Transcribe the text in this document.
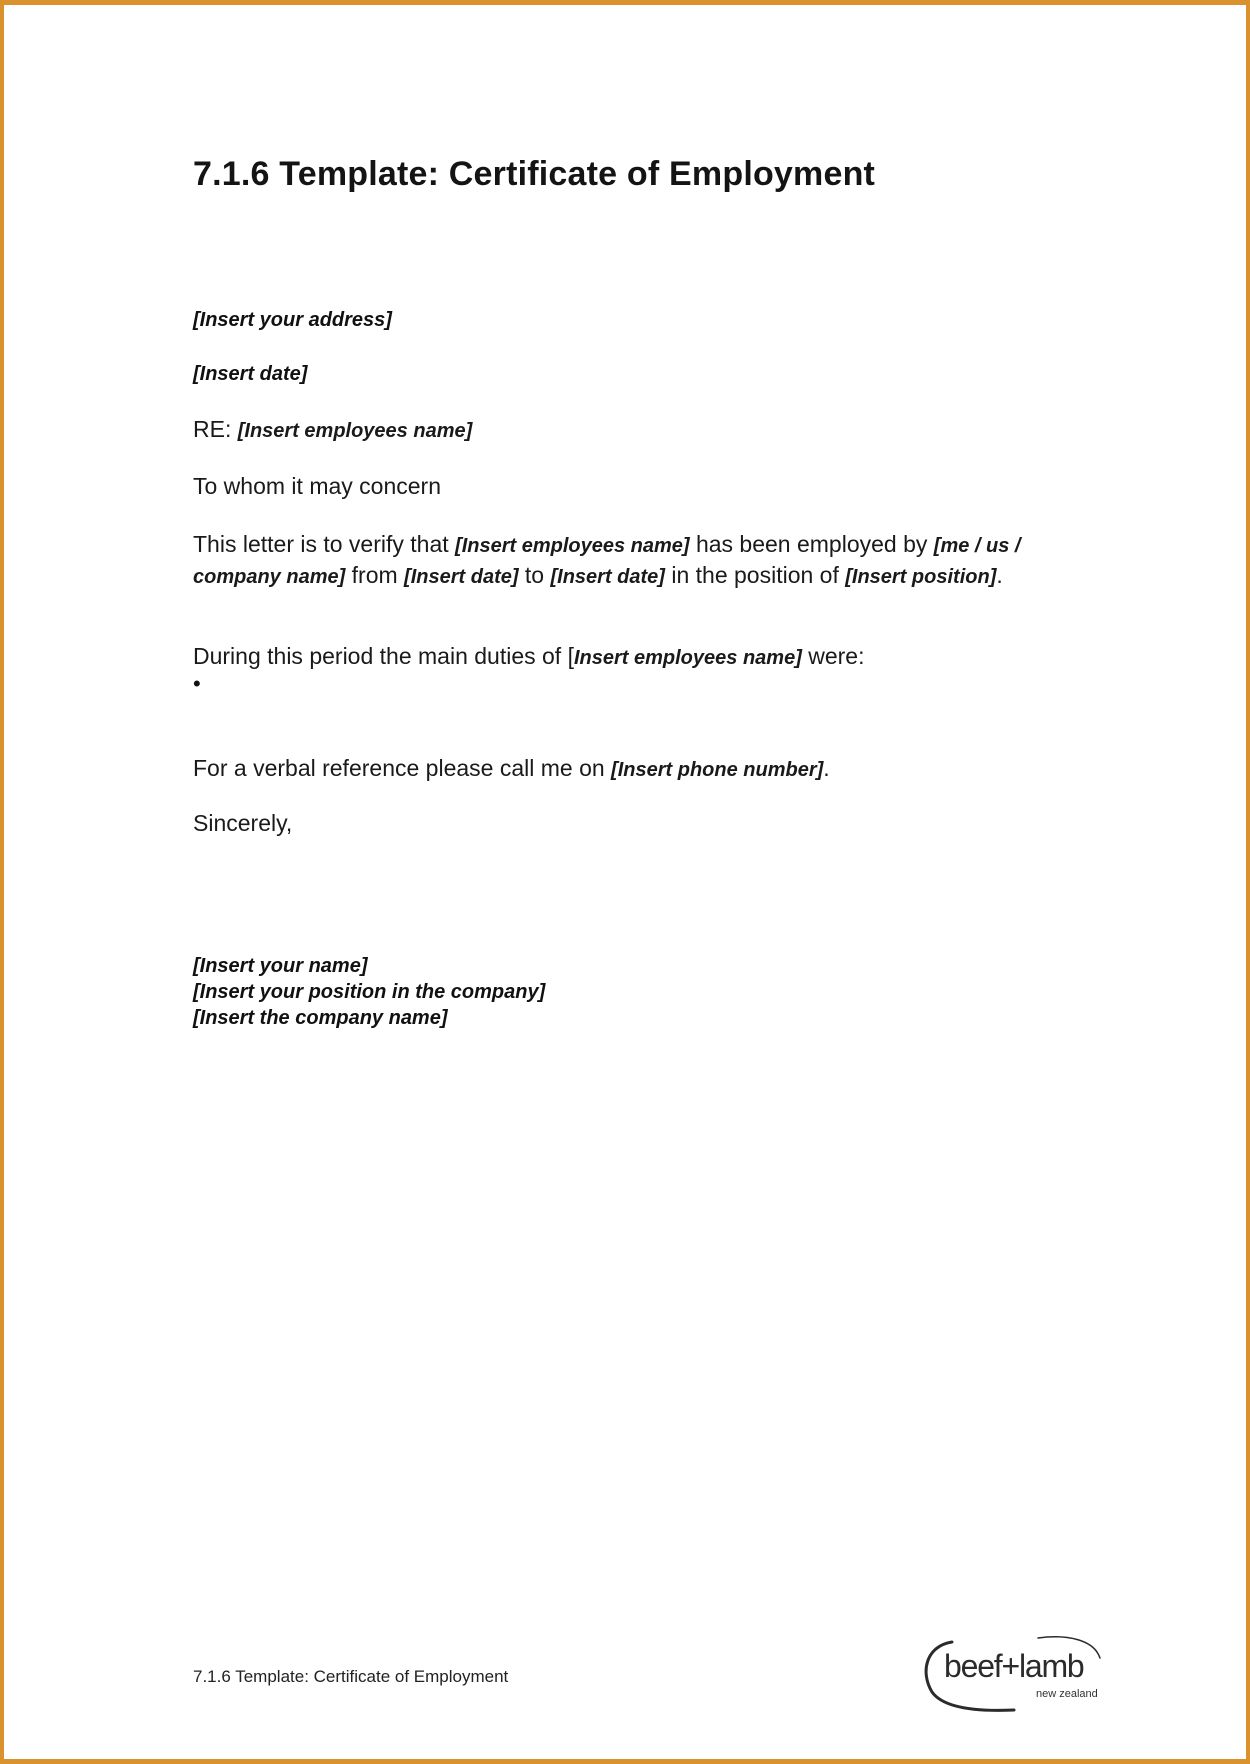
7.1.6 Template: Certificate of Employment
[Insert your address]
[Insert date]
RE: [Insert employees name]
To whom it may concern
This letter is to verify that [Insert employees name] has been employed by [me / us / company name] from [Insert date] to [Insert date] in the position of [Insert position].
During this period the main duties of [Insert employees name] were:
•
For a verbal reference please call me on [Insert phone number].
Sincerely,
[Insert your name]
[Insert your position in the company]
[Insert the company name]
7.1.6 Template: Certificate of Employment	beef+lamb
new zealand
